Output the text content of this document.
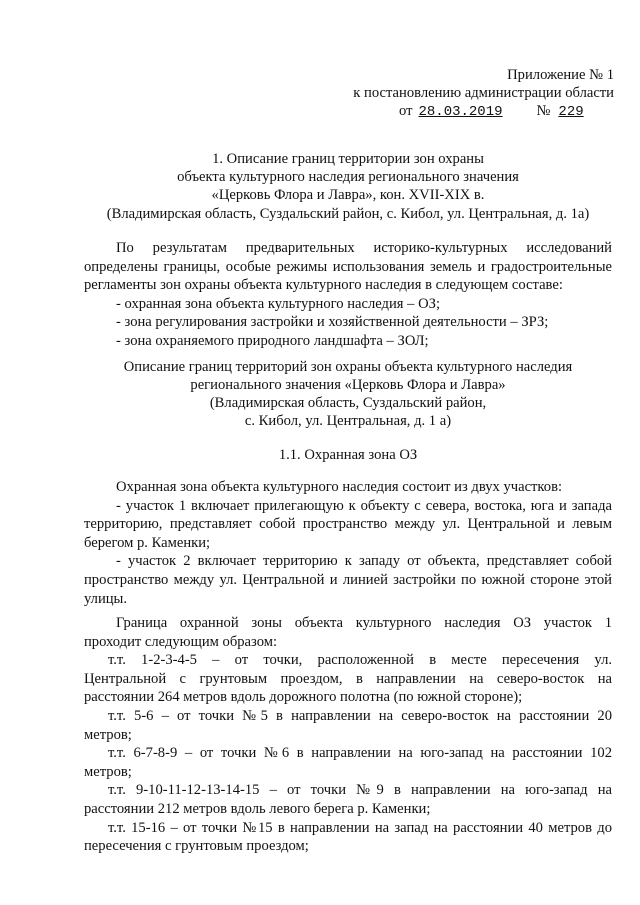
Приложение № 1
к постановлению администрации области
от 28.03.2019 № 229
1. Описание границ территории зон охраны
объекта культурного наследия регионального значения
«Церковь Флора и Лавра», кон. XVII-XIX в.
(Владимирская область, Суздальский район, с. Кибол, ул. Центральная, д. 1а)
По результатам предварительных историко-культурных исследований
определены границы, особые режимы использования земель и градостроительные
регламенты зон охраны объекта культурного наследия в следующем составе:
- охранная зона объекта культурного наследия – ОЗ;
- зона регулирования застройки и хозяйственной деятельности – ЗРЗ;
- зона охраняемого природного ландшафта – ЗОЛ;
Описание границ территорий зон охраны объекта культурного наследия
регионального значения «Церковь Флора и Лавра»
(Владимирская область, Суздальский район,
с. Кибол, ул. Центральная, д. 1 а)
1.1. Охранная зона ОЗ
Охранная зона объекта культурного наследия состоит из двух участков:
- участок 1 включает прилегающую к объекту с севера, востока, юга и запада
территорию, представляет собой пространство между ул. Центральной и левым
берегом р. Каменки;
- участок 2 включает территорию к западу от объекта, представляет собой
пространство между ул. Центральной и линией застройки по южной стороне этой
улицы.
Граница охранной зоны объекта культурного наследия ОЗ участок 1
проходит следующим образом:
т.т. 1-2-3-4-5 – от точки, расположенной в месте пересечения ул.
Центральной с грунтовым проездом, в направлении на северо-восток на
расстоянии 264 метров вдоль дорожного полотна (по южной стороне);
т.т. 5-6 – от точки №5 в направлении на северо-восток на расстоянии 20
метров;
т.т. 6-7-8-9 – от точки №6 в направлении на юго-запад на расстоянии 102
метров;
т.т. 9-10-11-12-13-14-15 – от точки №9 в направлении на юго-запад на
расстоянии 212 метров вдоль левого берега р. Каменки;
т.т. 15-16 – от точки №15 в направлении на запад на расстоянии 40 метров до
пересечения с грунтовым проездом;
